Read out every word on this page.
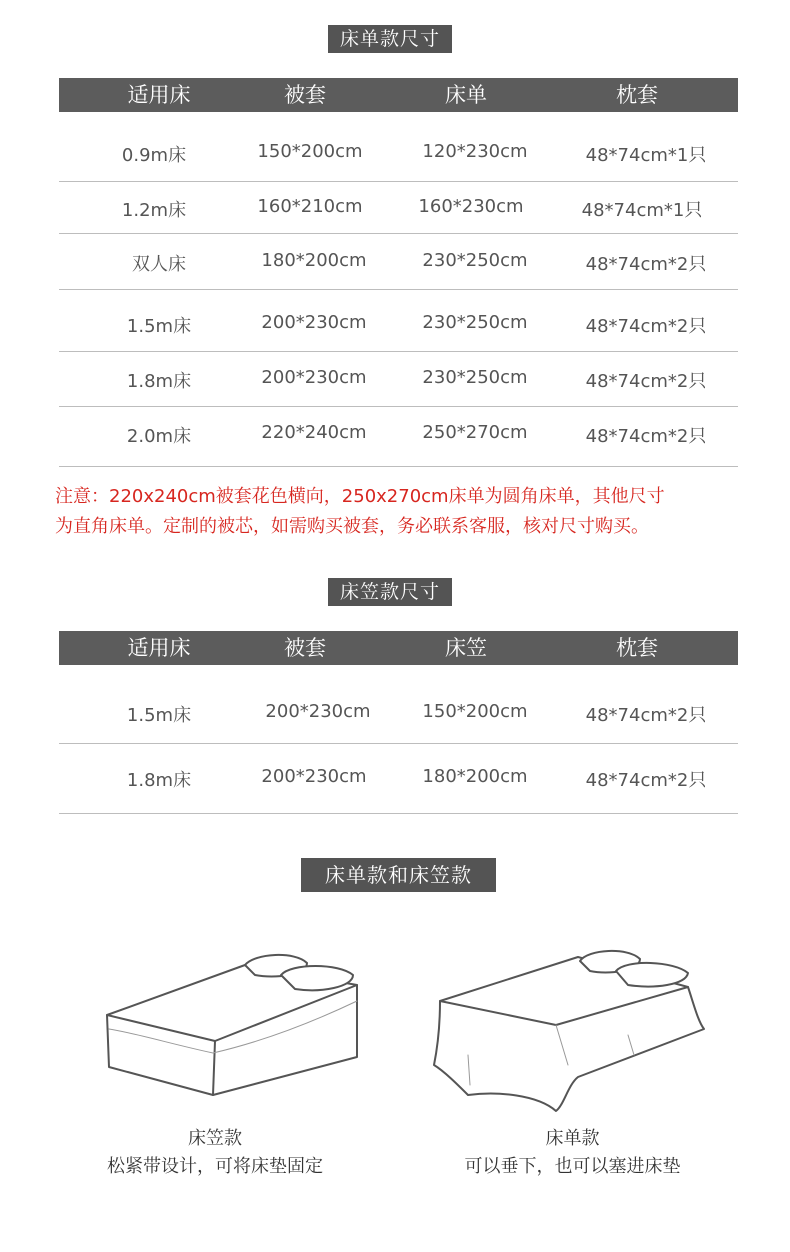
床单款尺寸
适用床	被套	床单	枕套
0.9m床	150*200cm	120*230cm	48*74cm*1只
1.2m床	160*210cm	160*230cm	48*74cm*1只
双人床	180*200cm	230*250cm	48*74cm*2只
1.5m床	200*230cm	230*250cm	48*74cm*2只
1.8m床	200*230cm	230*250cm	48*74cm*2只
2.0m床	220*240cm	250*270cm	48*74cm*2只
注意：220x240cm被套花色横向，250x270cm床单为圆角床单，其他尺寸
为直角床单。定制的被芯，如需购买被套，务必联系客服，核对尺寸购买。
床笠款尺寸
适用床	被套	床笠	枕套
1.5m床	200*230cm	150*200cm	48*74cm*2只
1.8m床	200*230cm	180*200cm	48*74cm*2只
床单款和床笠款
床笠款
松紧带设计，可将床垫固定
床单款
可以垂下，也可以塞进床垫
